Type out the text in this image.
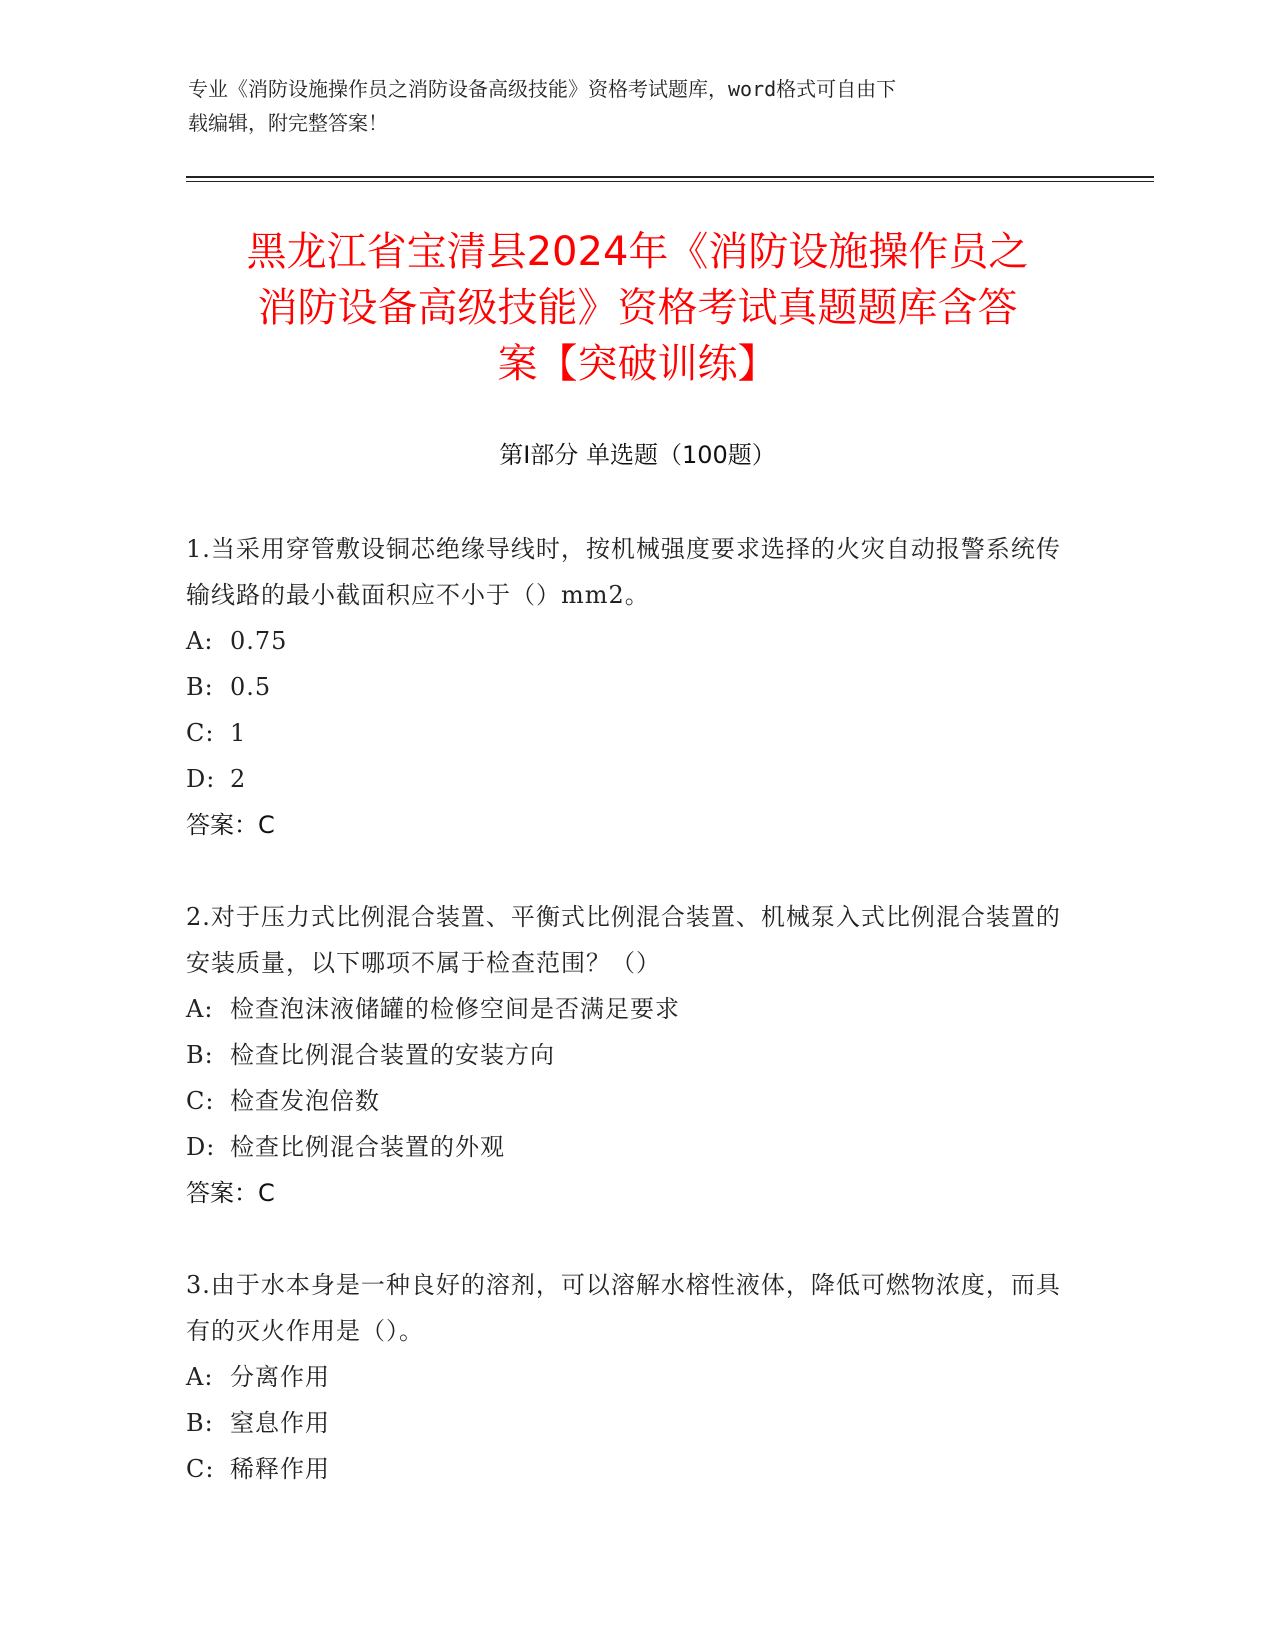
专业《消防设施操作员之消防设备高级技能》资格考试题库，word格式可自由下
载编辑，附完整答案！
黑龙江省宝清县2024年《消防设施操作员之
消防设备高级技能》资格考试真题题库含答
案【突破训练】
第Ⅰ部分 单选题（100题）
1.当采用穿管敷设铜芯绝缘导线时，按机械强度要求选择的火灾自动报警系统传输线路的最小截面积应不小于（）mm2。
A: 0.75
B: 0.5
C: 1
D: 2
答案：C
2.对于压力式比例混合装置、平衡式比例混合装置、机械泵入式比例混合装置的安装质量，以下哪项不属于检查范围？（）
A: 检查泡沫液储罐的检修空间是否满足要求
B: 检查比例混合装置的安装方向
C: 检查发泡倍数
D: 检查比例混合装置的外观
答案：C
3.由于水本身是一种良好的溶剂，可以溶解水榕性液体，降低可燃物浓度，而具有的灭火作用是（）。
A: 分离作用
B: 窒息作用
C: 稀释作用
